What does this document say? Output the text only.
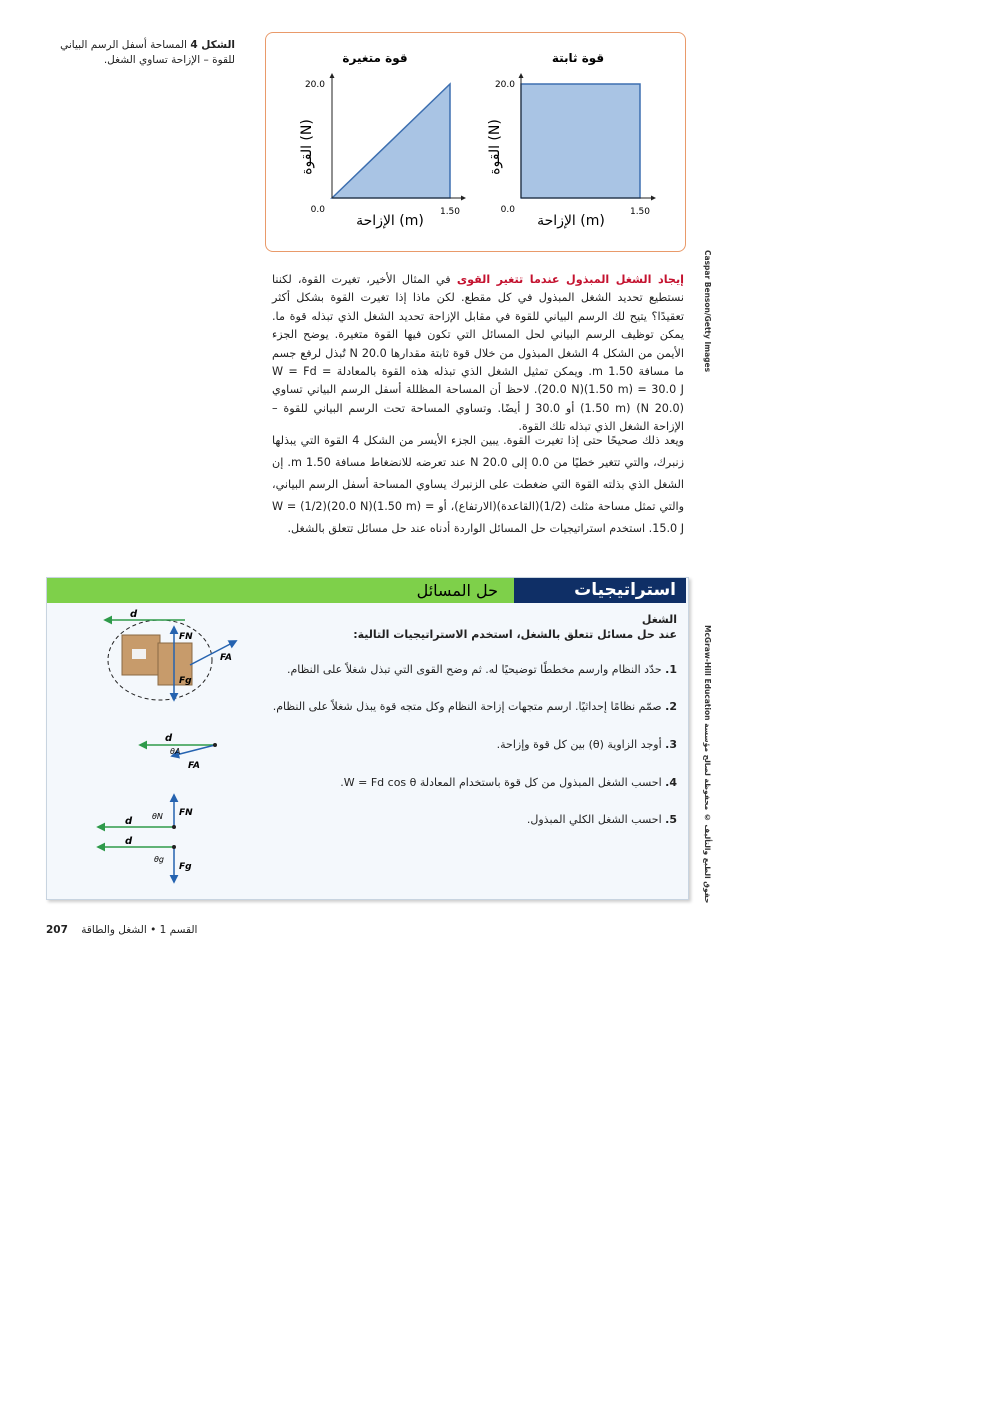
الشكل 4 المساحة أسفل الرسم البياني للقوة – الإزاحة تساوي الشغل.	قوة متغيرة
20.0
0.0	1.50
الإزاحة (m)
القوة (N)
قوة ثابتة
20.0
0.0	1.50
الإزاحة (m)
القوة (N)
Caspar Benson/Getty Images
إيجاد الشغل المبذول عندما تتغير القوى في المثال الأخير، تغيرت القوة، لكننا نستطيع تحديد الشغل المبذول في كل مقطع. لكن ماذا إذا تغيرت القوة بشكل أكثر تعقيدًا؟ يتيح لك الرسم البياني للقوة في مقابل الإزاحة تحديد الشغل الذي تبذله قوة ما. يمكن توظيف الرسم البياني لحل المسائل التي تكون فيها القوة متغيرة. يوضح الجزء الأيمن من الشكل 4 الشغل المبذول من خلال قوة ثابتة مقدارها 20.0 N تُبذل لرفع جسم ما مسافة 1.50 m. ويمكن تمثيل الشغل الذي تبذله هذه القوة بالمعادلة W = Fd = (20.0 N)(1.50 m) = 30.0 J. لاحظ أن المساحة المظللة أسفل الرسم البياني تساوي (20.0 N) (1.50 m) أو 30.0 J أيضًا. وتساوي المساحة تحت الرسم البياني للقوة – الإزاحة الشغل الذي تبذله تلك القوة.
ويعد ذلك صحيحًا حتى إذا تغيرت القوة. يبين الجزء الأيسر من الشكل 4 القوة التي يبذلها زنبرك، والتي تتغير خطيًا من 0.0 إلى 20.0 N عند تعرضه للانضغاط مسافة 1.50 m. إن الشغل الذي بذلته القوة التي ضغطت على الزنبرك يساوي المساحة أسفل الرسم البياني، والتي تمثل مساحة مثلث (1/2)(القاعدة)(الارتفاع)، أو W = (1/2)(20.0 N)(1.50 m) = 15.0 J. استخدم استراتيجيات حل المسائل الواردة أدناه عند حل مسائل تتعلق بالشغل.
حل المسائل	استراتيجيات
الشغل
عند حل مسائل تتعلق بالشغل، استخدم الاستراتيجيات التالية:
1. حدّد النظام وارسم مخططًا توضيحيًا له. ثم وضح القوى التي تبذل شغلاً على النظام.
2. صمّم نظامًا إحداثيًا. ارسم متجهات إزاحة النظام وكل متجه قوة يبذل شغلاً على النظام.
3. أوجد الزاوية (θ) بين كل قوة وإزاحة.
4. احسب الشغل المبذول من كل قوة باستخدام المعادلة W = Fd cos θ.
5. احسب الشغل الكلي المبذول.
d
FN
FA
Fg
d
θA
FA
d θN FN
d
θg
Fg
حقوق الطبع والتأليف © محفوظة لصالح مؤسسة McGraw-Hill Education
207 القسم 1 • الشغل والطاقة
